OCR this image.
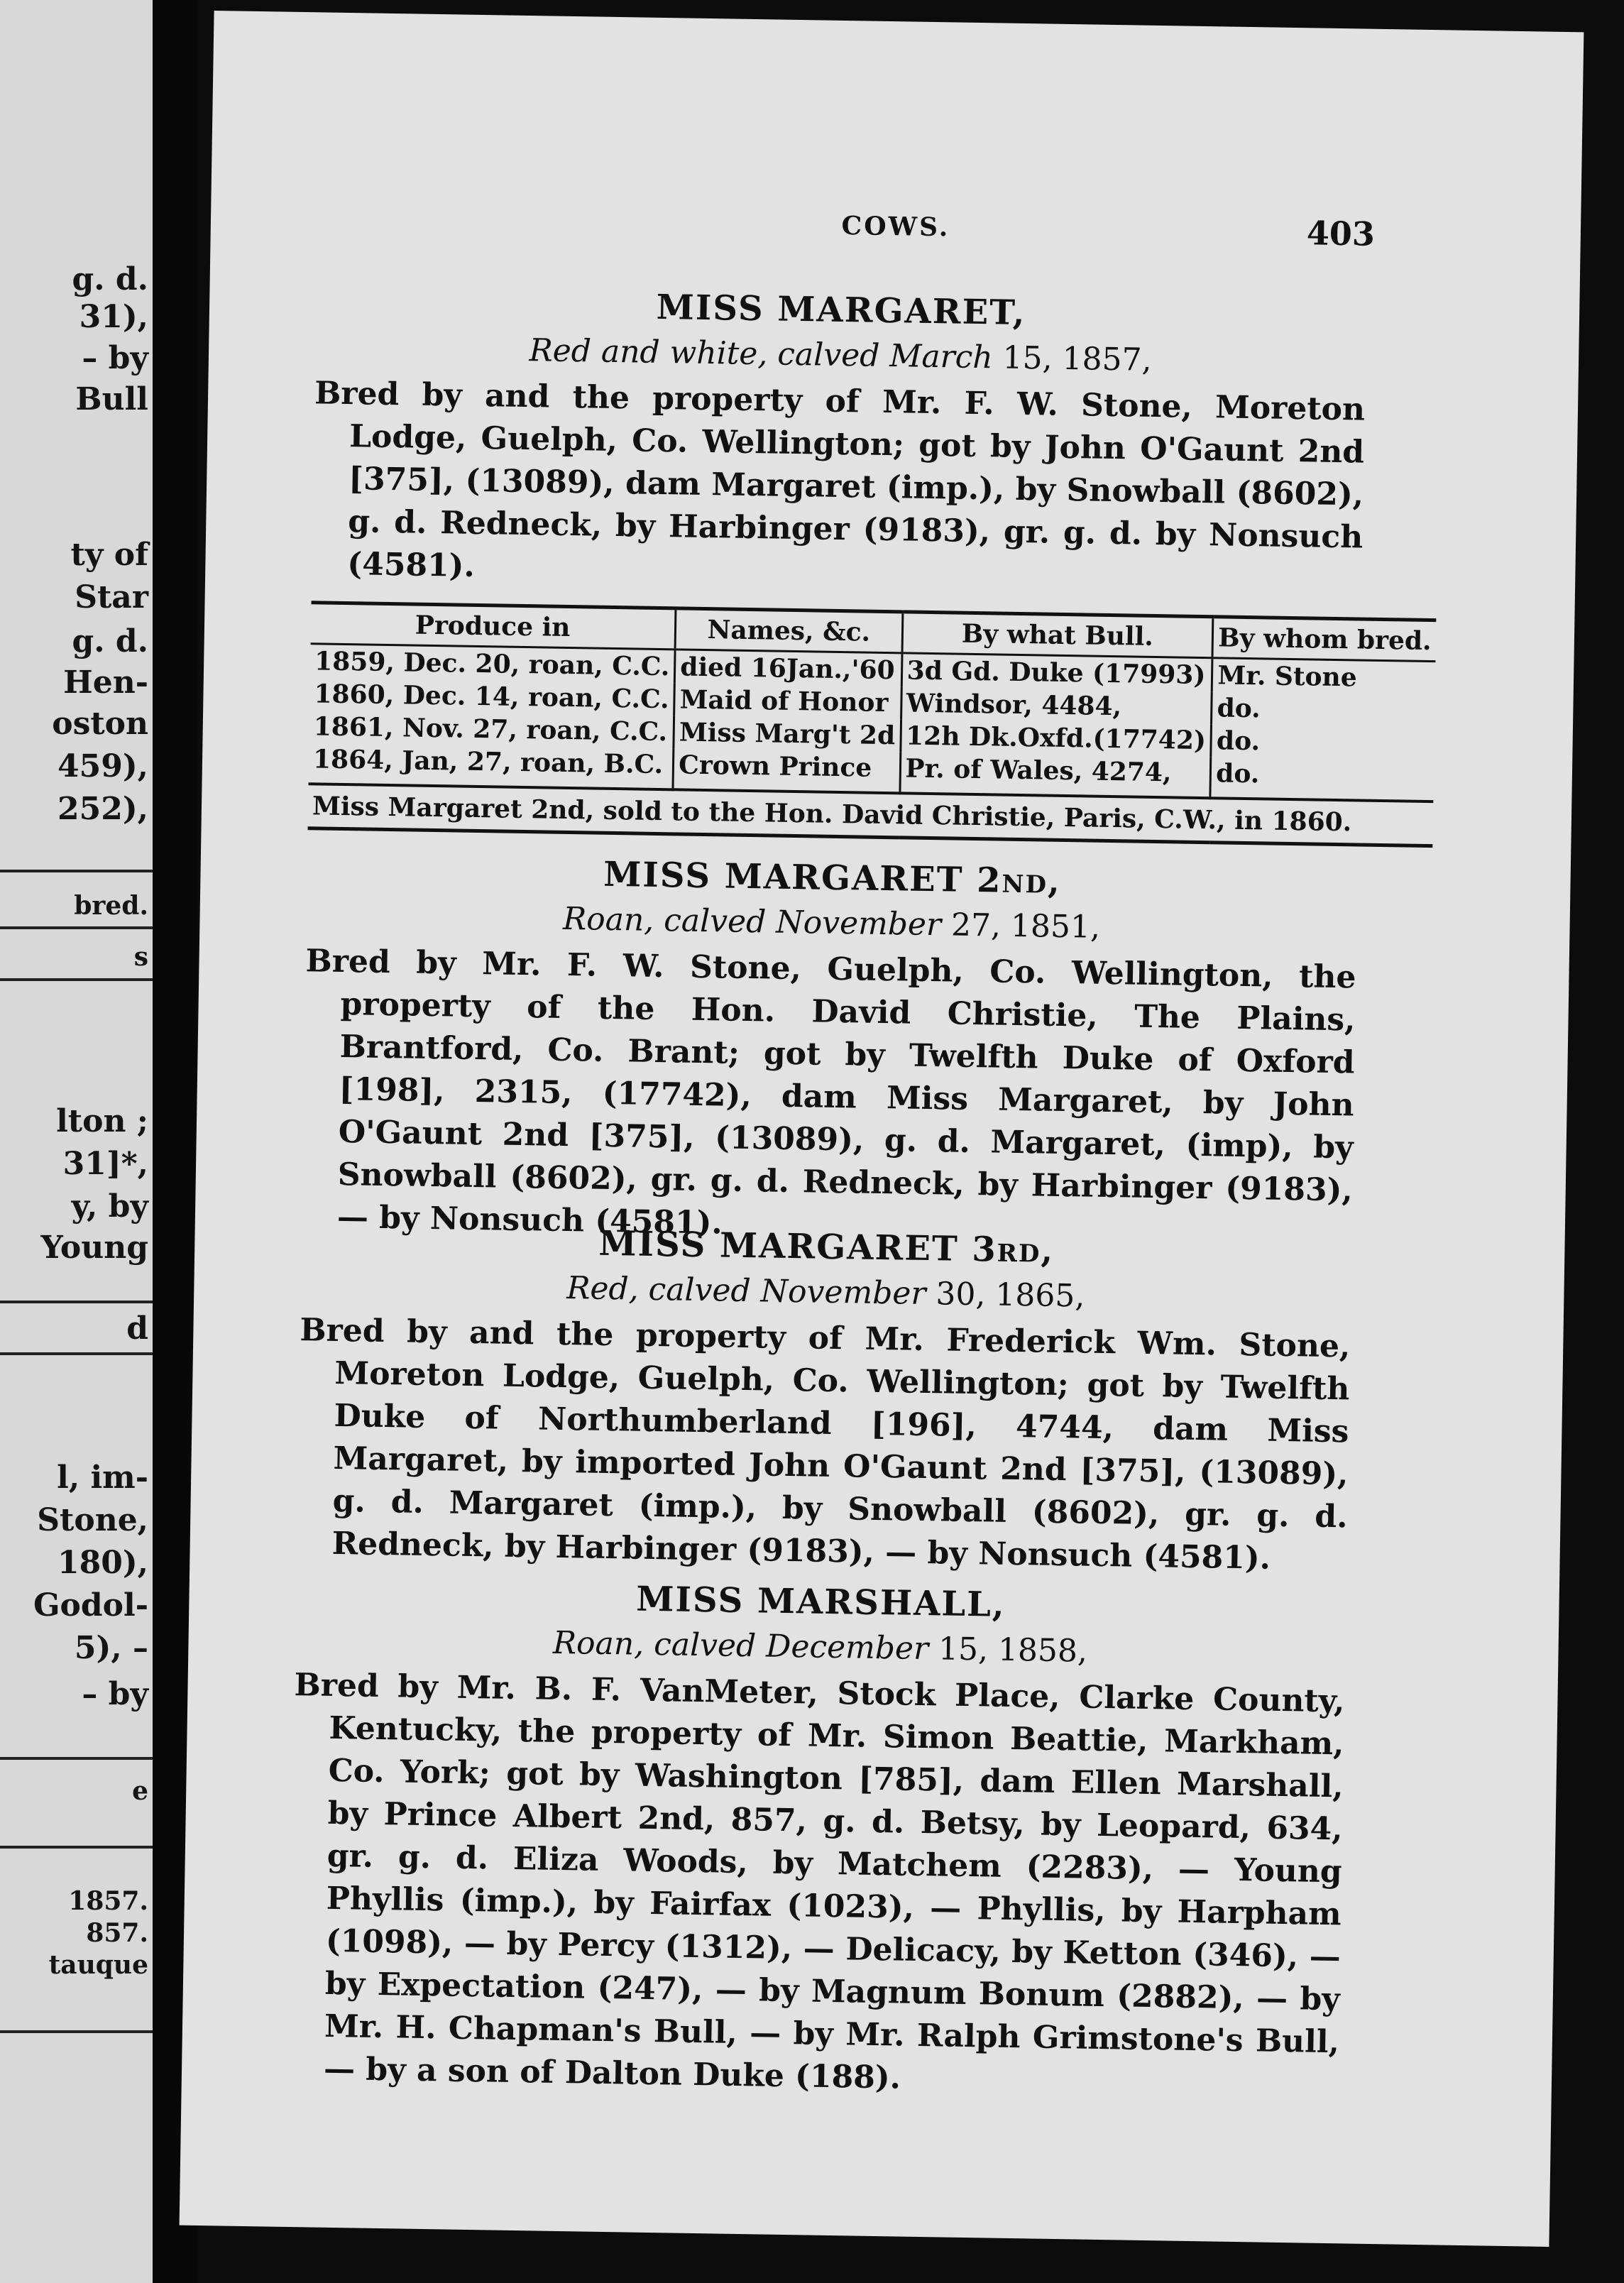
g. d.
31),
– by
Bull
ty of
Star
g. d.
Hen-
oston
459),
252),
bred.
s
lton ;
31]*,
y, by
Young
d
l, im-
Stone,
180),
Godol-
5), –
– by
e
1857.
857.
tauque
COWS.	403
MISS MARGARET,
Red and white, calved March 15, 1857,

Bred by and the property of Mr. F. W. Stone, Moreton Lodge, Guelph, Co. Wellington; got by John O'Gaunt 2nd [375], (13089), dam Margaret (imp.), by Snowball (8602), g. d. Redneck, by Harbinger (9183), gr. g. d. by Nonsuch (4581).

Produce in	Names, &c.	By what Bull.	By whom bred.
1859, Dec. 20, roan, C.C.	died 16Jan.,'60	3d Gd. Duke (17993)	Mr. Stone
1860, Dec. 14, roan, C.C.	Maid of Honor	Windsor, 4484,	do.
1861, Nov. 27, roan, C.C.	Miss Marg't 2d	12h Dk.Oxfd.(17742)	do.
1864, Jan, 27, roan, B.C.	Crown Prince	Pr. of Wales, 4274,	do.
Miss Margaret 2nd, sold to the Hon. David Christie, Paris, C.W., in 1860.			
MISS MARGARET 2nd,
Roan, calved November 27, 1851,

Bred by Mr. F. W. Stone, Guelph, Co. Wellington, the property of the Hon. David Christie, The Plains, Brantford, Co. Brant; got by Twelfth Duke of Oxford [198], 2315, (17742), dam Miss Margaret, by John O'Gaunt 2nd [375], (13089), g. d. Margaret, (imp), by Snowball (8602), gr. g. d. Redneck, by Harbinger (9183), — by Nonsuch (4581).

MISS MARGARET 3rd,
Red, calved November 30, 1865,

Bred by and the property of Mr. Frederick Wm. Stone, Moreton Lodge, Guelph, Co. Wellington; got by Twelfth Duke of Northumberland [196], 4744, dam Miss Margaret, by imported John O'Gaunt 2nd [375], (13089), g. d. Margaret (imp.), by Snowball (8602), gr. g. d. Redneck, by Harbinger (9183), — by Nonsuch (4581).

MISS MARSHALL,
Roan, calved December 15, 1858,

Bred by Mr. B. F. VanMeter, Stock Place, Clarke County, Kentucky, the property of Mr. Simon Beattie, Markham, Co. York; got by Washington [785], dam Ellen Marshall, by Prince Albert 2nd, 857, g. d. Betsy, by Leopard, 634, gr. g. d. Eliza Woods, by Matchem (2283), — Young Phyllis (imp.), by Fairfax (1023), — Phyllis, by Harpham (1098), — by Percy (1312), — Delicacy, by Ketton (346), — by Expectation (247), — by Magnum Bonum (2882), — by Mr. H. Chapman's Bull, — by Mr. Ralph Grimstone's Bull, — by a son of Dalton Duke (188).
